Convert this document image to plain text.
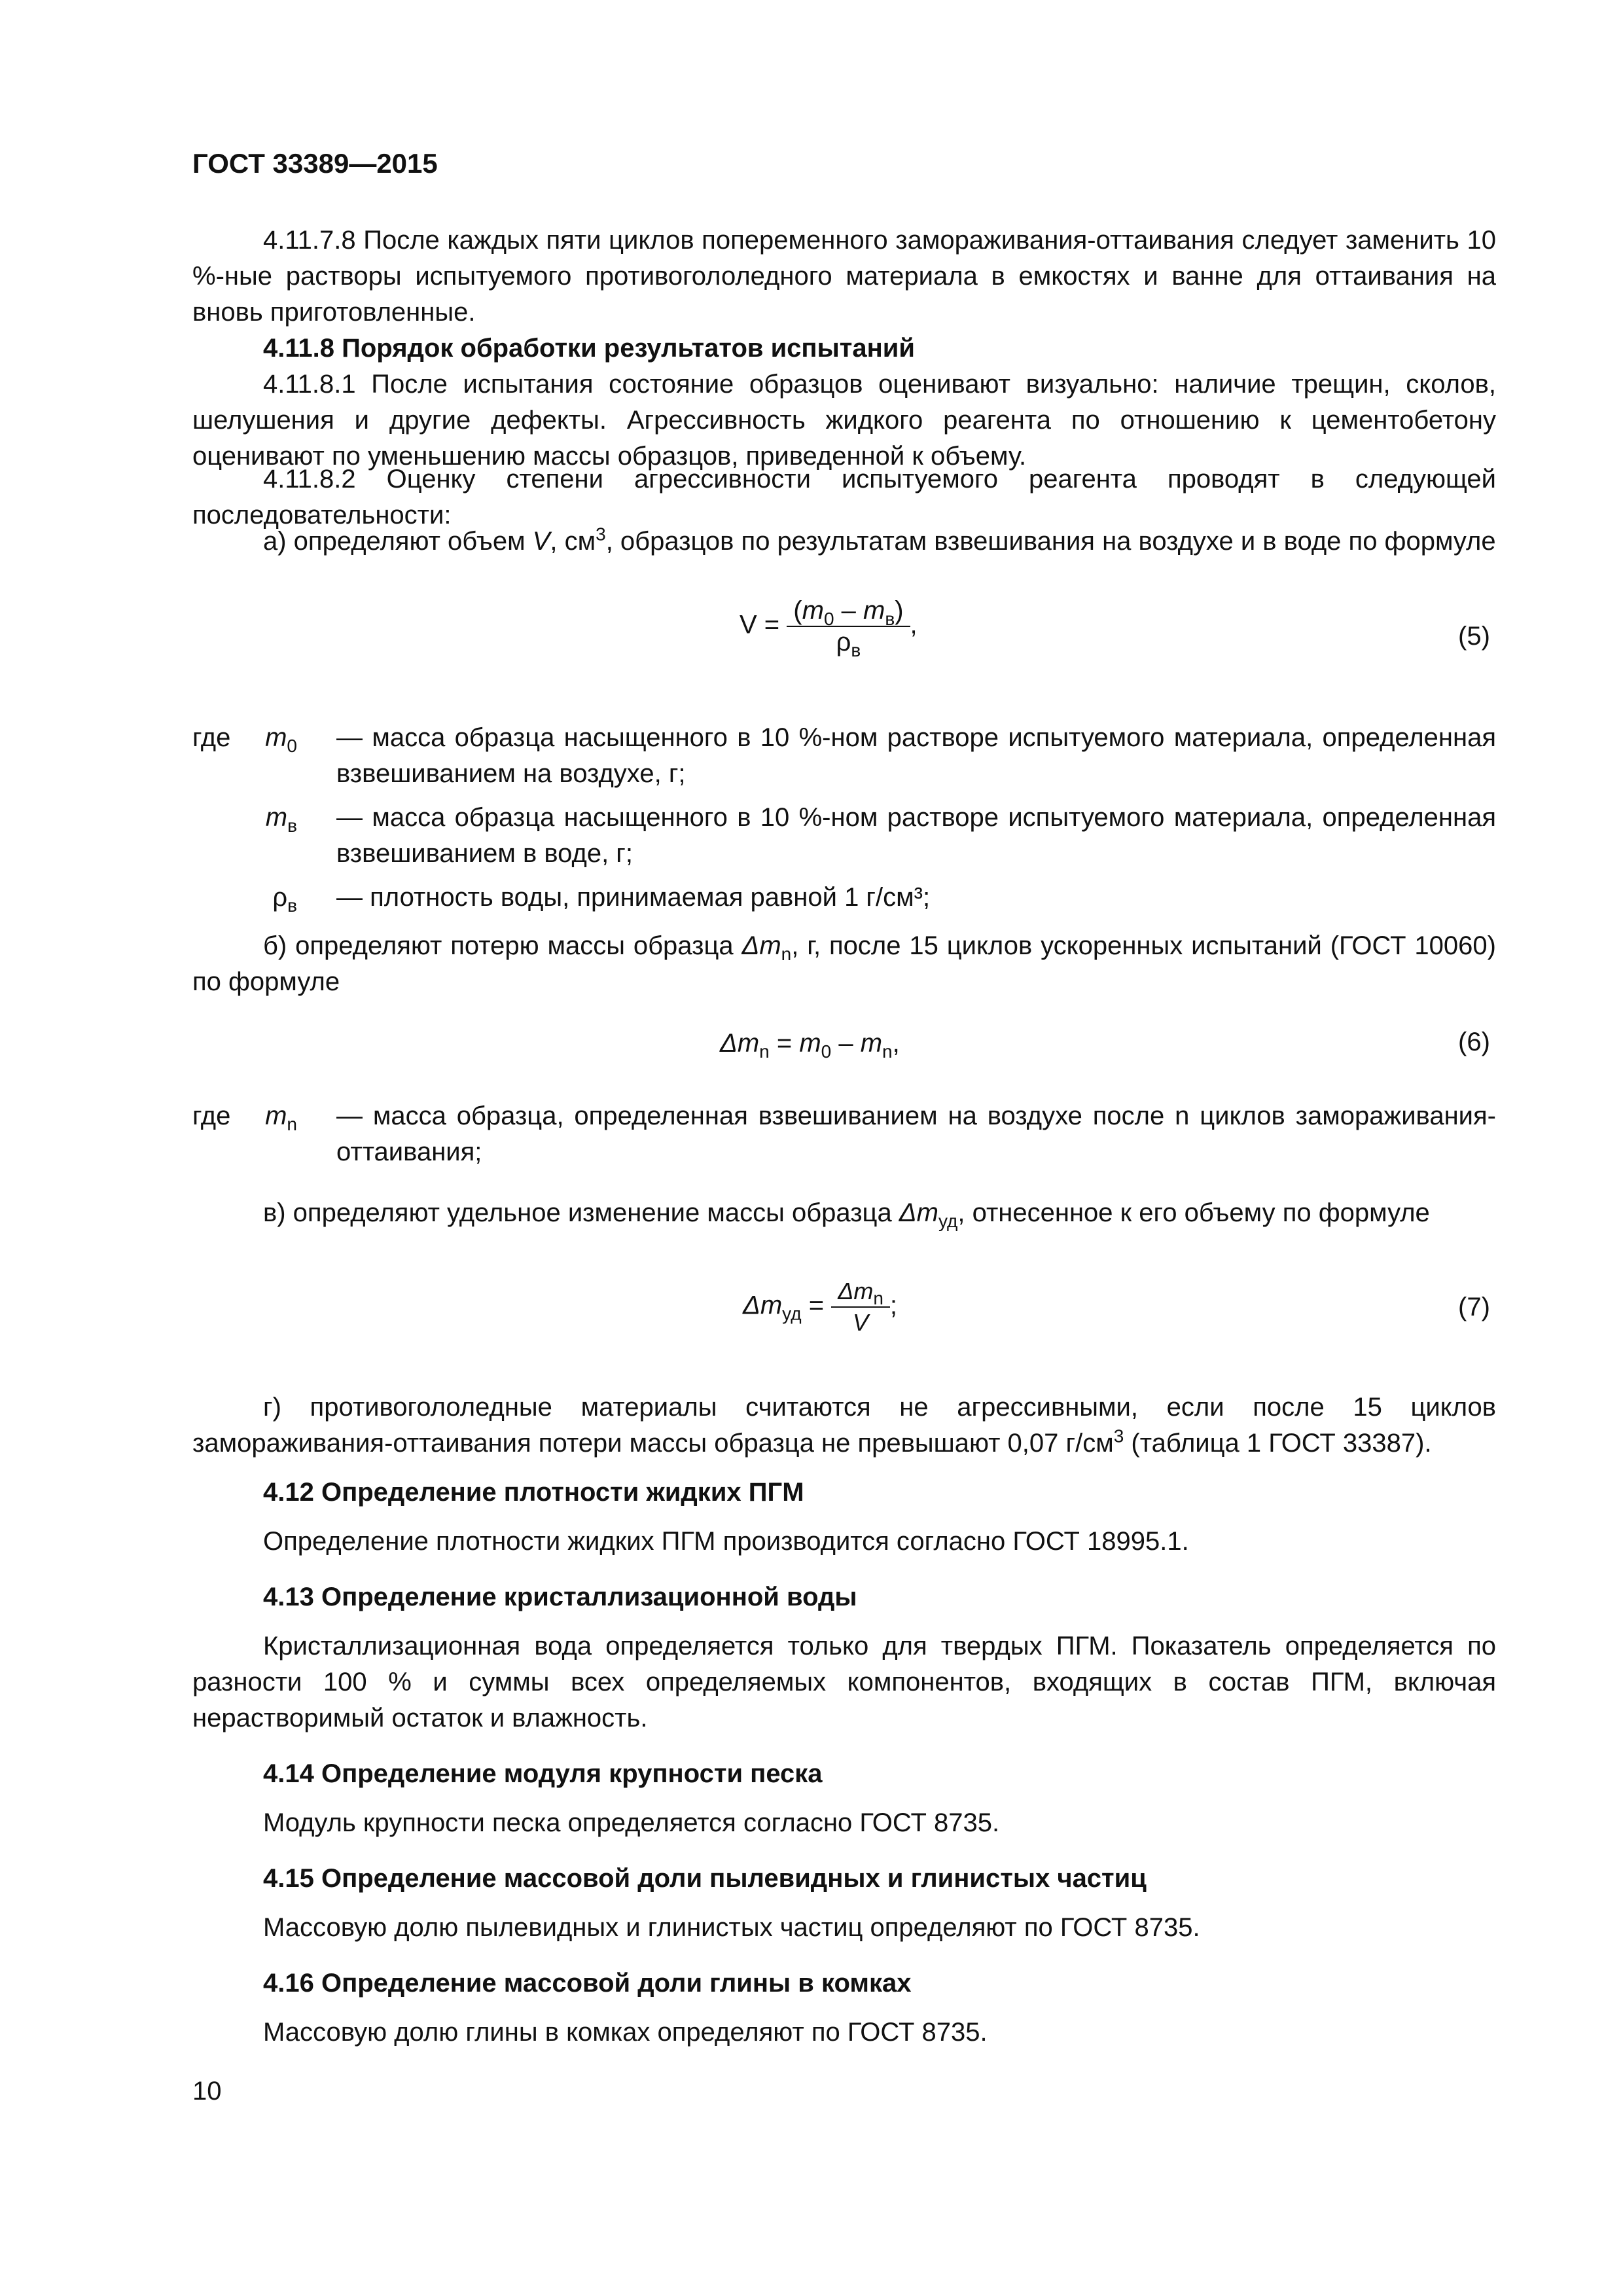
ГОСТ 33389—2015

4.11.7.8 После каждых пяти циклов попеременного замораживания-оттаивания следует заменить 10 %-ные растворы испытуемого противогололедного материала в емкостях и ванне для оттаивания на вновь приготовленные.

4.11.8 Порядок обработки результатов испытаний

4.11.8.1 После испытания состояние образцов оценивают визуально: наличие трещин, сколов, шелушения и другие дефекты. Агрессивность жидкого реагента по отношению к цементобетону оценивают по уменьшению массы образцов, приведенной к объему.

4.11.8.2 Оценку степени агрессивности испытуемого реагента проводят в следующей последовательности:

а) определяют объем V, $см^3$, образцов по результатам взвешивания на воздухе и в воде по формуле

$V = \frac{(m_0 - m_в)}{\rho_в}$ ,	(5)
где $m_0$	— масса образца насыщенного в 10 %-ном растворе испытуемого материала, определенная взвешиванием на воздухе, г;
$m_в$	— масса образца насыщенного в 10 %-ном растворе испытуемого материала, определенная взвешиванием в воде, г;
$\rho_в$	— плотность воды, принимаемая равной 1 г/см³;

б) определяют потерю массы образца $\Delta m_n$, г, после 15 циклов ускоренных испытаний (ГОСТ 10060) по формуле

$\Delta m_n = m_0 - m_n$,	(6)
где $m_n$	— масса образца, определенная взвешиванием на воздухе после n циклов замораживания-оттаивания;

в) определяют удельное изменение массы образца $\Delta m_{уд}$, отнесенное к его объему по формуле

$\Delta m_{уд} = \frac{\Delta m_n}{V}$ ;	(7)

г) противогололедные материалы считаются не агрессивными, если после 15 циклов замораживания-оттаивания потери массы образца не превышают 0,07 $г/см^3$ (таблица 1 ГОСТ 33387).

4.12 Определение плотности жидких ПГМ
Определение плотности жидких ПГМ производится согласно ГОСТ 18995.1.
4.13 Определение кристаллизационной воды

Кристаллизационная вода определяется только для твердых ПГМ. Показатель определяется по разности 100 % и суммы всех определяемых компонентов, входящих в состав ПГМ, включая нерастворимый остаток и влажность.

4.14 Определение модуля крупности песка
Модуль крупности песка определяется согласно ГОСТ 8735.
4.15 Определение массовой доли пылевидных и глинистых частиц
Массовую долю пылевидных и глинистых частиц определяют по ГОСТ 8735.
4.16 Определение массовой доли глины в комках
Массовую долю глины в комках определяют по ГОСТ 8735.
10
